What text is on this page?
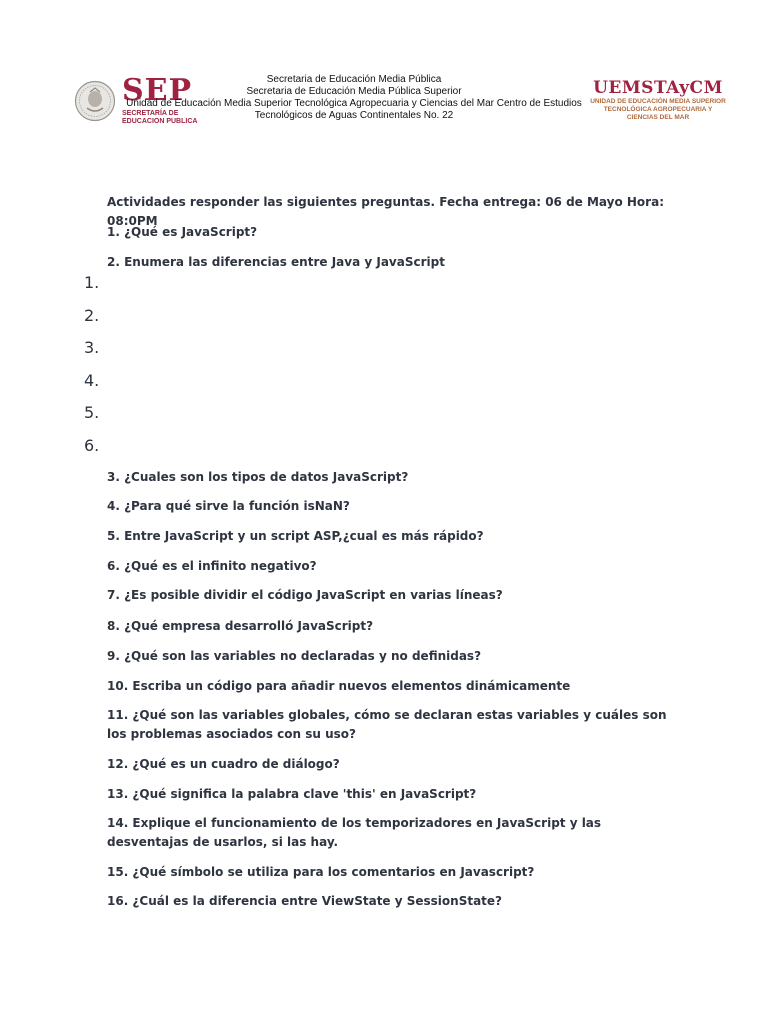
SEP
SECRETARÍA DE
EDUCACIÓN PÚBLICA
Secretaria de Educación Media Pública
Secretaria de Educación Media Pública Superior
Unidad de Educación Media Superior Tecnológica Agropecuaria y Ciencias del Mar Centro de Estudios
Tecnológicos de Aguas Continentales No. 22
UEMSTAyCM
UNIDAD DE EDUCACIÓN MEDIA SUPERIOR
TECNOLÓGICA AGROPECUARIA Y
CIENCIAS DEL MAR
Actividades responder las siguientes preguntas. Fecha entrega: 06 de Mayo Hora: 08:0PM
1. ¿Qué es JavaScript?
2. Enumera las diferencias entre Java y JavaScript
1.
2.
3.
4.
5.
6.
3. ¿Cuales son los tipos de datos JavaScript?
4. ¿Para qué sirve la función isNaN?
5. Entre JavaScript y un script ASP,¿cual es más rápido?
6. ¿Qué es el infinito negativo?
7. ¿Es posible dividir el código JavaScript en varias líneas?
8. ¿Qué empresa desarrolló JavaScript?
9. ¿Qué son las variables no declaradas y no definidas?
10. Escriba un código para añadir nuevos elementos dinámicamente
11. ¿Qué son las variables globales, cómo se declaran estas variables y cuáles son los problemas asociados con su uso?
12. ¿Qué es un cuadro de diálogo?
13. ¿Qué significa la palabra clave 'this' en JavaScript?
14. Explique el funcionamiento de los temporizadores en JavaScript y las desventajas de usarlos, si las hay.
15. ¿Qué símbolo se utiliza para los comentarios en Javascript?
16. ¿Cuál es la diferencia entre ViewState y SessionState?
